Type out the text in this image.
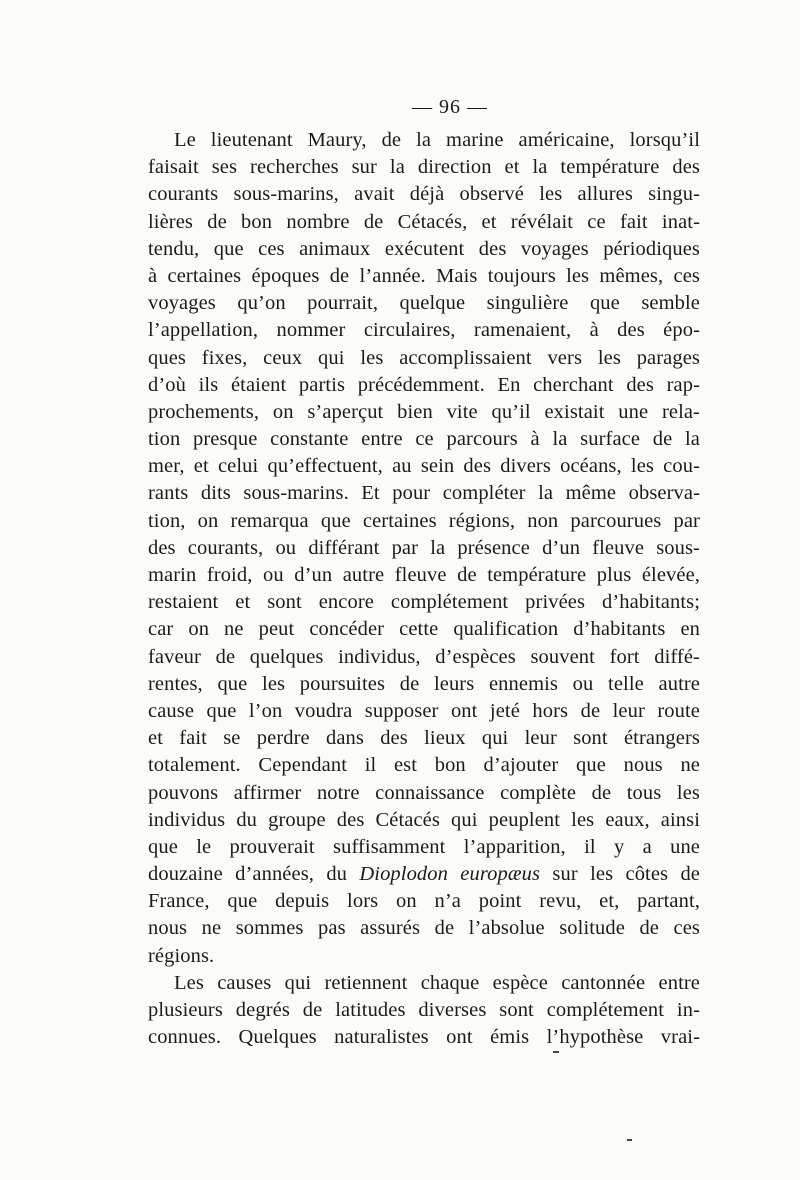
— 96 —
Le lieutenant Maury, de la marine américaine, lorsqu’il
faisait ses recherches sur la direction et la température des
courants sous-marins, avait déjà observé les allures singu-
lières de bon nombre de Cétacés, et révélait ce fait inat-
tendu, que ces animaux exécutent des voyages périodiques
à certaines époques de l’année. Mais toujours les mêmes, ces
voyages qu’on pourrait, quelque singulière que semble
l’appellation, nommer circulaires, ramenaient, à des épo-
ques fixes, ceux qui les accomplissaient vers les parages
d’où ils étaient partis précédemment. En cherchant des rap-
prochements, on s’aperçut bien vite qu’il existait une rela-
tion presque constante entre ce parcours à la surface de la
mer, et celui qu’effectuent, au sein des divers océans, les cou-
rants dits sous-marins. Et pour compléter la même observa-
tion, on remarqua que certaines régions, non parcourues par
des courants, ou différant par la présence d’un fleuve sous-
marin froid, ou d’un autre fleuve de température plus élevée,
restaient et sont encore complétement privées d’habitants;
car on ne peut concéder cette qualification d’habitants en
faveur de quelques individus, d’espèces souvent fort diffé-
rentes, que les poursuites de leurs ennemis ou telle autre
cause que l’on voudra supposer ont jeté hors de leur route
et fait se perdre dans des lieux qui leur sont étrangers
totalement. Cependant il est bon d’ajouter que nous ne
pouvons affirmer notre connaissance complète de tous les
individus du groupe des Cétacés qui peuplent les eaux, ainsi
que le prouverait suffisamment l’apparition, il y a une
douzaine d’années, du Dioplodon europæus sur les côtes de
France, que depuis lors on n’a point revu, et, partant,
nous ne sommes pas assurés de l’absolue solitude de ces
régions.
Les causes qui retiennent chaque espèce cantonnée entre
plusieurs degrés de latitudes diverses sont complétement in-
connues. Quelques naturalistes ont émis l’hypothèse vrai-
